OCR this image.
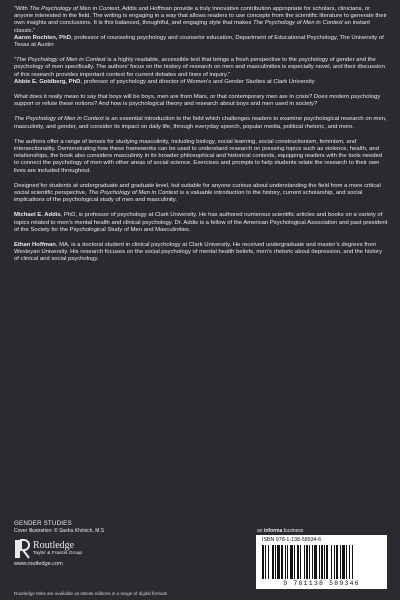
“With The Psychology of Men in Context, Addis and Hoffman provide a truly innovative contribution appropriate for scholars, clinicians, or anyone interested in the field. The writing is engaging in a way that allows readers to use concepts from the scientific literature to generate their own insights and conclusions. It is this balanced, thoughtful, and engaging style that makes The Psychology of Men in Context an instant classic.”

Aaron Rochlen, PhD, professor of counseling psychology and counselor education, Department of Educational Psychology, The University of Texas at Austin

“The Psychology of Men in Context is a highly readable, accessible text that brings a fresh perspective to the psychology of gender and the psychology of men specifically. The authors’ focus on the history of research on men and masculinities is especially novel, and their discussion of this research provides important context for current debates and lines of inquiry.”

Abbie E. Goldberg, PhD, professor of psychology and director of Women’s and Gender Studies at Clark University

What does it really mean to say that boys will be boys, men are from Mars, or that contemporary men are in crisis? Does modern psychology support or refute these notions? And how is psychological theory and research about boys and men used in society?

The Psychology of Men in Context is an essential introduction to the field which challenges readers to examine psychological research on men, masculinity, and gender, and consider its impact on daily life, through everyday speech, popular media, political rhetoric, and more.

The authors offer a range of lenses for studying masculinity, including biology, social learning, social constructionism, feminism, and intersectionality. Demonstrating how these frameworks can be used to understand research on pressing topics such as violence, health, and relationships, the book also considers masculinity in its broader philosophical and historical contexts, equipping readers with the tools needed to connect the psychology of men with other areas of social science. Exercises and prompts to help students relate the research to their own lives are included throughout.

Designed for students at undergraduate and graduate level, but suitable for anyone curious about understanding the field from a more critical social scientific perspective, The Psychology of Men in Context is a valuable introduction to the history, current scholarship, and social implications of the psychological study of men and masculinity.

Michael E. Addis, PhD, is professor of psychology at Clark University. He has authored numerous scientific articles and books on a variety of topics related to men’s mental health and clinical psychology. Dr. Addis is a fellow of the American Psychological Association and past president of the Society for the Psychological Study of Men and Masculinities.

Ethan Hoffman, MA, is a doctoral student in clinical psychology at Clark University. He received undergraduate and master’s degrees from Wesleyan University. His research focuses on the social psychology of mental health beliefs, men’s rhetoric about depression, and the history of clinical and social psychology.

GENDER STUDIES
Cover illustration: © Sasha Khrisich, M.S
Routledge
Taylor & Francis Group
www.routledge.com
an informa business
ISBN 978-1-138-58934-6
9 781138 589346
Routledge titles are available as eBook editions in a range of digital formats
